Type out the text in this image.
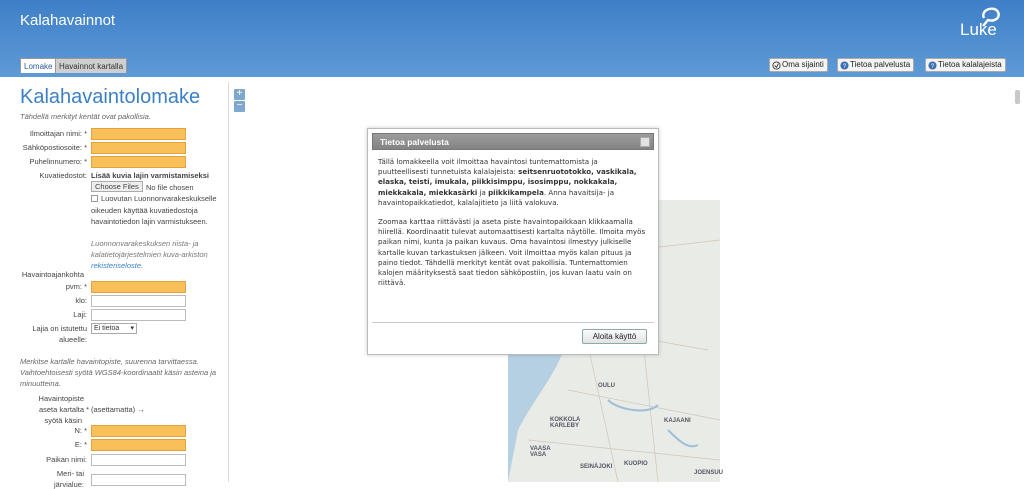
Kalahavainnot	Luke
Lomake Havainnot kartalla	Oma sijainti	? Tietoa palvelusta	? Tietoa kalalajeista
Kalahavaintolomake
Tähdellä merkityt kentät ovat pakollisia.
Ilmoittajan nimi: *
Sähköpostiosoite: *
Puhelinnumero: *
Kuvatiedostot: Lisää kuvia lajin varmistamiseksi
Choose Files No file chosen
Luovutan Luonnonvarakeskukselle
oikeuden käyttää kuvatiedostoja
havaintotiedon lajin varmistukseen.
Luonnonvarakeskuksen riista- ja
kalatietojärjestelmien kuva-arkiston
rekisteriseloste.
Havaintoajankohta
pvm: *
klo:
Laji:
Lajia on istutettu
alueelle:
Ei tietoa ▾
Merkitse kartalle havaintopiste, suurenna tarvittaessa.
Vaihtoehtoisesti syötä WGS84-koordinaatit käsin asteina ja
minuutteina.
Havaintopiste
aseta kartalta *
syötä käsin
(asettamatta) →
N: *
E: *
Paikan nimi:
Meri- tai
järvialue:
+
−
OULU
KOKKOLA KARLEBY
KAJAANI
VAASA VASA
SEINÄJOKI KUOPIO
JOENSUU
Tietoa palvelusta

Tällä lomakkeella voit ilmoittaa havaintosi tuntemattomista ja puutteellisesti tunnetuista kalalajeista: seitsenruototokko, vaskikala, elaska, teisti, imukala, piikkisimppu, isosimppu, nokkakala, miekkakala, miekkasärki ja piikkikampela. Anna havaitsija- ja havaintopaikkatiedot, kalalajitieto ja liitä valokuva.

Zoomaa karttaa riittävästi ja aseta piste havaintopaikkaan klikkaamalla hiirellä. Koordinaatit tulevat automaattisesti kartalta näytölle. Ilmoita myös paikan nimi, kunta ja paikan kuvaus. Oma havaintosi ilmestyy julkiselle kartalle kuvan tarkastuksen jälkeen. Voit ilmoittaa myös kalan pituus ja paino tiedot. Tähdellä merkityt kentät ovat pakollisia. Tuntemattomien kalojen määrityksestä saat tiedon sähköpostiin, jos kuvan laatu vain on riittävä.

Aloita käyttö
